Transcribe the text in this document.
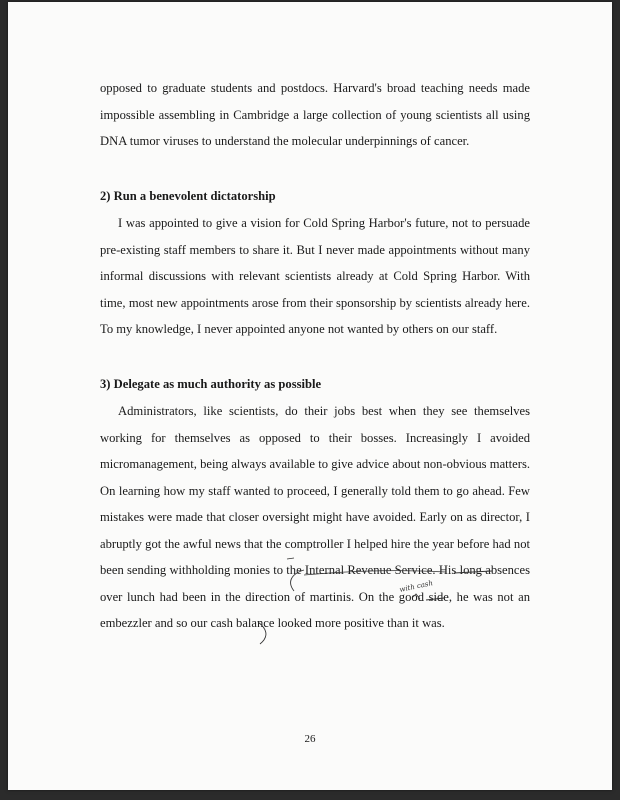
opposed to graduate students and postdocs. Harvard's broad teaching needs made impossible assembling in Cambridge a large collection of young scientists all using DNA tumor viruses to understand the molecular underpinnings of cancer.

2) Run a benevolent dictatorship

I was appointed to give a vision for Cold Spring Harbor's future, not to persuade pre-existing staff members to share it. But I never made appointments without many informal discussions with relevant scientists already at Cold Spring Harbor. With time, most new appointments arose from their sponsorship by scientists already here. To my knowledge, I never appointed anyone not wanted by others on our staff.

3) Delegate as much authority as possible

Administrators, like scientists, do their jobs best when they see themselves working for themselves as opposed to their bosses. Increasingly I avoided micromanagement, being always available to give advice about non-obvious matters. On learning how my staff wanted to proceed, I generally told them to go ahead. Few mistakes were made that closer oversight might have avoided. Early on as director, I abruptly got the awful news that the comptroller I helped hire the year before had not been sending withholding monies to the Internal Revenue Service. His long absences over lunch had been in the direction of martinis. On the good side, he was not an embezzler and so our cash balance looked more positive than it was.

with cash
26
